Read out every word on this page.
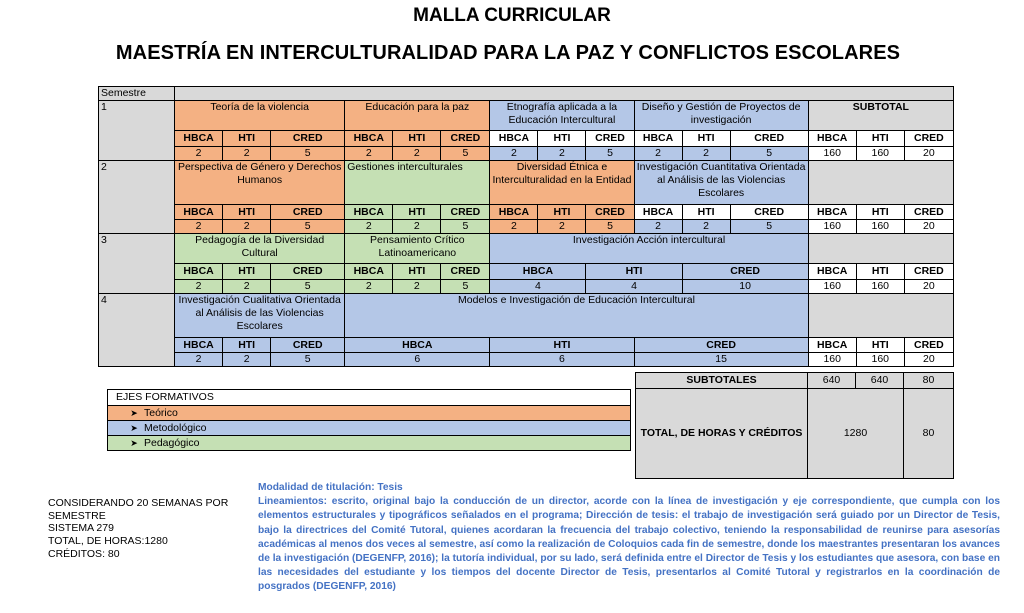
MALLA CURRICULAR
MAESTRÍA EN INTERCULTURALIDAD PARA LA PAZ Y CONFLICTOS ESCOLARES
Semestre															
1	Teoría de la violencia			Educación para la paz			Etnografía aplicada a la Educación Intercultural			Diseño y Gestión de Proyectos de investigación			SUBTOTAL		
	HBCA	HTI	CRED	HBCA	HTI	CRED	HBCA	HTI	CRED	HBCA	HTI	CRED	HBCA	HTI	CRED
	2	2	5	2	2	5	2	2	5	2	2	5	160	160	20
2	Perspectiva de Género y Derechos Humanos			Gestiones interculturales			Diversidad Étnica e Interculturalidad en la Entidad			Investigación Cuantitativa Orientada al Análisis de las Violencias Escolares					
	HBCA	HTI	CRED	HBCA	HTI	CRED	HBCA	HTI	CRED	HBCA	HTI	CRED	HBCA	HTI	CRED
	2	2	5	2	2	5	2	2	5	2	2	5	160	160	20
3	Pedagogía de la Diversidad Cultural			Pensamiento Crítico Latinoamericano			Investigación Acción intercultural								
	HBCA	HTI	CRED	HBCA	HTI	CRED	HBCA		HTI		CRED		HBCA	HTI	CRED
	2	2	5	2	2	5	4		4		10		160	160	20
4	Investigación Cualitativa Orientada al Análisis de las Violencias Escolares			Modelos e Investigación de Educación Intercultural											
	HBCA	HTI	CRED	HBCA			HTI			CRED			HBCA	HTI	CRED
	2	2	5	6			6			15			160	160	20
SUBTOTALES	640	640	80
TOTAL, DE HORAS Y CRÉDITOS	1280		80
EJES FORMATIVOS
➤ Teórico
➤ Metodológico
➤ Pedagógico
CONSIDERANDO 20 SEMANAS POR SEMESTRE
SISTEMA 279
TOTAL, DE HORAS:1280
CRÉDITOS: 80
Modalidad de titulación: Tesis
Lineamientos: escrito, original bajo la conducción de un director, acorde con la línea de investigación y eje correspondiente, que cumpla con los elementos estructurales y tipográficos señalados en el programa; Dirección de tesis: el trabajo de investigación será guiado por un Director de Tesis, bajo la directrices del Comité Tutoral, quienes acordaran la frecuencia del trabajo colectivo, teniendo la responsabilidad de reunirse para asesorías académicas al menos dos veces al semestre, así como la realización de Coloquios cada fin de semestre, donde los maestrantes presentaran los avances de la investigación (DEGENFP, 2016); la tutoría individual, por su lado, será definida entre el Director de Tesis y los estudiantes que asesora, con base en las necesidades del estudiante y los tiempos del docente Director de Tesis, presentarlos al Comité Tutoral y registrarlos en la coordinación de posgrados (DEGENFP, 2016)
